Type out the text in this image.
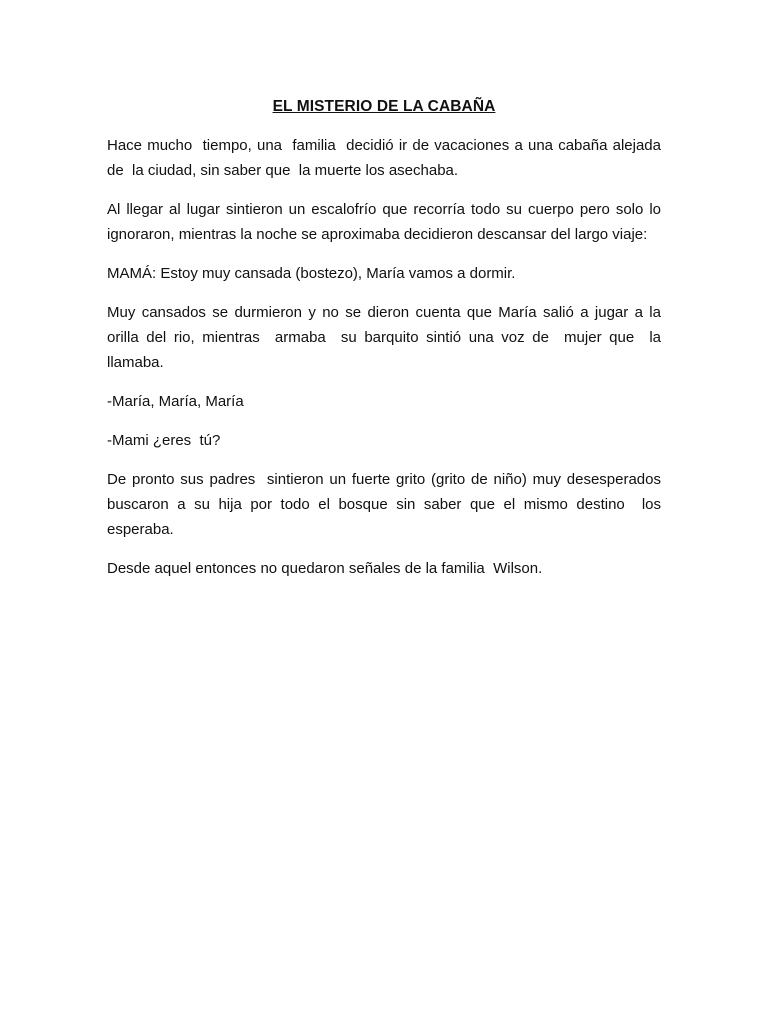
EL MISTERIO DE LA CABAÑA

Hace mucho  tiempo, una  familia  decidió ir de vacaciones a una cabaña alejada de  la ciudad, sin saber que  la muerte los asechaba.

Al llegar al lugar sintieron un escalofrío que recorría todo su cuerpo pero solo lo ignoraron, mientras la noche se aproximaba decidieron descansar del largo viaje:

MAMÁ: Estoy muy cansada (bostezo), María vamos a dormir.

Muy cansados se durmieron y no se dieron cuenta que María salió a jugar a la orilla del rio, mientras  armaba  su barquito sintió una voz de  mujer que  la llamaba.

-María, María, María

-Mami ¿eres  tú?

De pronto sus padres  sintieron un fuerte grito (grito de niño) muy desesperados buscaron a su hija por todo el bosque sin saber que el mismo destino  los esperaba.

Desde aquel entonces no quedaron señales de la familia  Wilson.
